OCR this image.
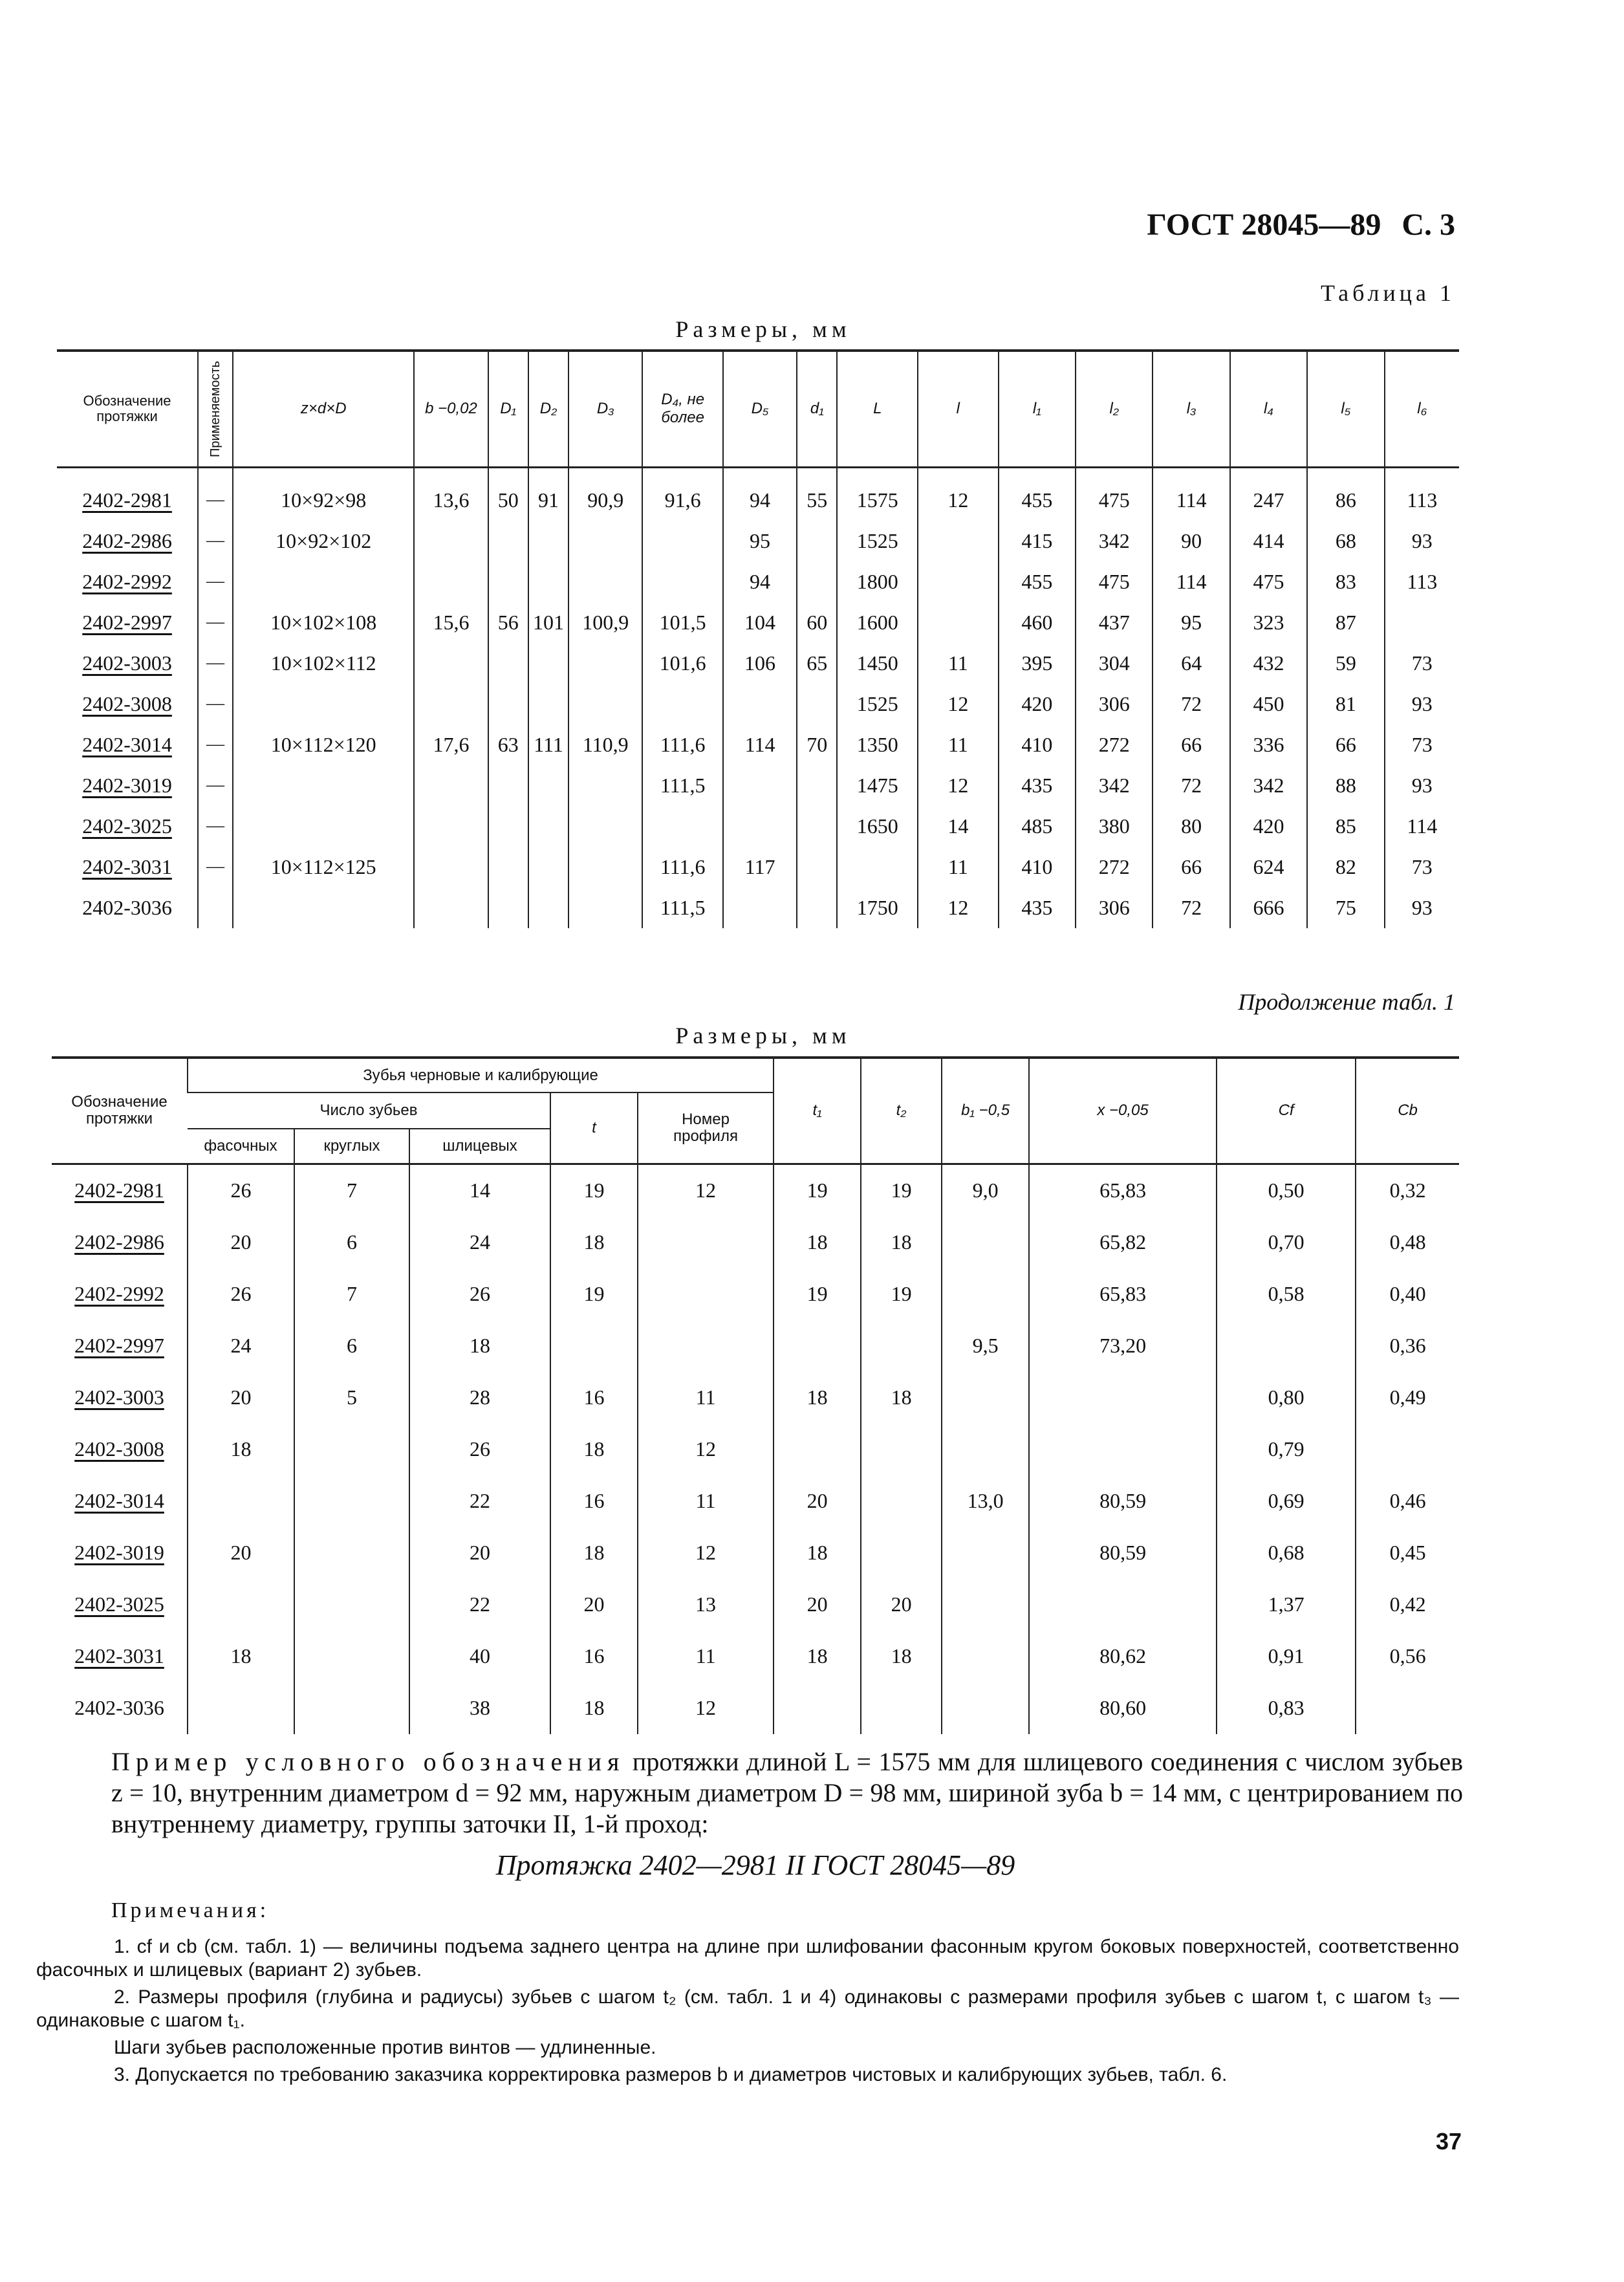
ГОСТ 28045—89 С. 3
Таблица 1
Размеры, мм
Обозначение протяжки	Применяемость	z×d×D	b −0,02	D₁	D₂	D₃	D₄, не более	D₅	d₁	L	l	l₁	l₂	l₃	l₄	l₅	l₆
2402-2981	—	10×92×98	13,6	50	91	90,9	91,6	94	55	1575	12	455	475	114	247	86	113
2402-2986	—	10×92×102						95		1525		415	342	90	414	68	93
2402-2992	—							94		1800		455	475	114	475	83	113
2402-2997	—	10×102×108	15,6	56	101	100,9	101,5	104	60	1600		460	437	95	323	87	
2402-3003	—	10×102×112					101,6	106	65	1450	11	395	304	64	432	59	73
2402-3008	—									1525	12	420	306	72	450	81	93
2402-3014	—	10×112×120	17,6	63	111	110,9	111,6	114	70	1350	11	410	272	66	336	66	73
2402-3019	—						111,5			1475	12	435	342	72	342	88	93
2402-3025	—									1650	14	485	380	80	420	85	114
2402-3031	—	10×112×125					111,6	117			11	410	272	66	624	82	73
2402-3036							111,5			1750	12	435	306	72	666	75	93
Продолжение табл. 1
Размеры, мм
Обозначение протяжки	Зубья черновые и калибрующие					t₁	t₂	b₁ −0,5	x −0,05	Cf	Cb
	Число зубьев			t	Номер профиля						
	фасочных	круглых	шлицевых								
2402-2981	26	7	14	19	12	19	19	9,0	65,83	0,50	0,32
2402-2986	20	6	24	18		18	18		65,82	0,70	0,48
2402-2992	26	7	26	19		19	19		65,83	0,58	0,40
2402-2997	24	6	18					9,5	73,20		0,36
2402-3003	20	5	28	16	11	18	18			0,80	0,49
2402-3008	18		26	18	12					0,79	
2402-3014			22	16	11	20		13,0	80,59	0,69	0,46
2402-3019	20		20	18	12	18			80,59	0,68	0,45
2402-3025			22	20	13	20	20			1,37	0,42
2402-3031	18		40	16	11	18	18		80,62	0,91	0,56
2402-3036			38	18	12				80,60	0,83	
Пример условного обозначения протяжки длиной L = 1575 мм для шлицевого соединения с числом зубьев z = 10, внутренним диаметром d = 92 мм, наружным диаметром D = 98 мм, шириной зуба b = 14 мм, с центрированием по внутреннему диаметру, группы заточки II, 1-й проход:
Протяжка 2402—2981 II ГОСТ 28045—89
Примечания:

1. cf и cb (см. табл. 1) — величины подъема заднего центра на длине при шлифовании фасонным кругом боковых поверхностей, соответственно фасочных и шлицевых (вариант 2) зубьев.

2. Размеры профиля (глубина и радиусы) зубьев с шагом t₂ (см. табл. 1 и 4) одинаковы с размерами профиля зубьев с шагом t, с шагом t₃ — одинаковые с шагом t₁.

Шаги зубьев расположенные против винтов — удлиненные.

3. Допускается по требованию заказчика корректировка размеров b и диаметров чистовых и калибрующих зубьев, табл. 6.

37
